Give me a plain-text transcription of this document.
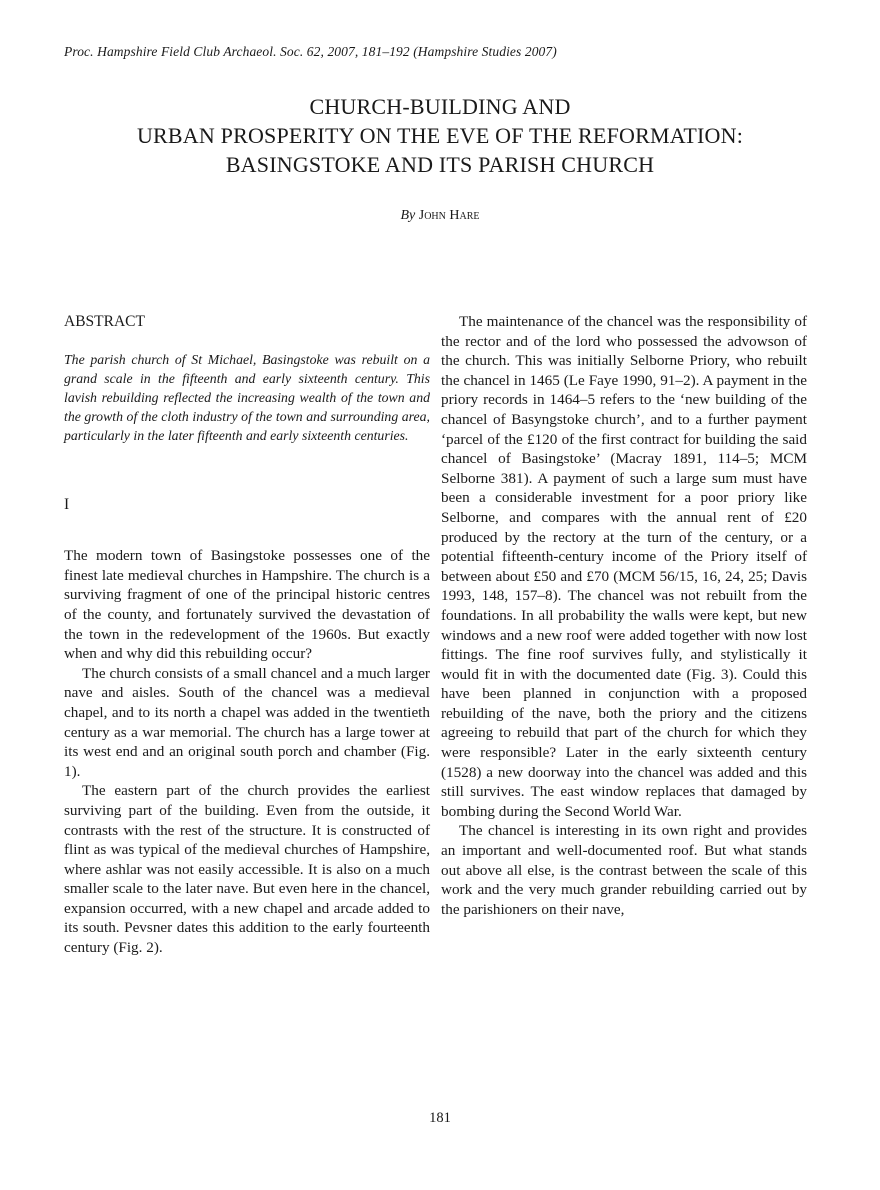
Proc. Hampshire Field Club Archaeol. Soc. 62, 2007, 181–192 (Hampshire Studies 2007)
CHURCH-BUILDING AND
URBAN PROSPERITY ON THE EVE OF THE REFORMATION:
BASINGSTOKE AND ITS PARISH CHURCH
By John Hare
ABSTRACT

The parish church of St Michael, Basingstoke was rebuilt on a grand scale in the fifteenth and early sixteenth century. This lavish rebuilding reflected the increasing wealth of the town and the growth of the cloth industry of the town and surrounding area, particularly in the later fifteenth and early sixteenth centuries.

I

The modern town of Basingstoke possesses one of the finest late medieval churches in Hampshire. The church is a surviving fragment of one of the principal historic centres of the county, and fortunately survived the devastation of the town in the redevelopment of the 1960s. But exactly when and why did this rebuilding occur?

The church consists of a small chancel and a much larger nave and aisles. South of the chancel was a medieval chapel, and to its north a chapel was added in the twentieth century as a war memorial. The church has a large tower at its west end and an original south porch and chamber (Fig. 1).

The eastern part of the church provides the earliest surviving part of the building. Even from the outside, it contrasts with the rest of the structure. It is constructed of flint as was typical of the medieval churches of Hampshire, where ashlar was not easily accessible. It is also on a much smaller scale to the later nave. But even here in the chancel, expansion occurred, with a new chapel and arcade added to its south. Pevsner dates this addition to the early fourteenth century (Fig. 2).

The maintenance of the chancel was the responsibility of the rector and of the lord who possessed the advowson of the church. This was initially Selborne Priory, who rebuilt the chancel in 1465 (Le Faye 1990, 91–2). A payment in the priory records in 1464–5 refers to the ‘new building of the chancel of Basyngstoke church’, and to a further payment ‘parcel of the £120 of the first contract for building the said chancel of Basingstoke’ (Macray 1891, 114–5; MCM Selborne 381). A payment of such a large sum must have been a considerable investment for a poor priory like Selborne, and compares with the annual rent of £20 produced by the rectory at the turn of the century, or a potential fifteenth-century income of the Priory itself of between about £50 and £70 (MCM 56/15, 16, 24, 25; Davis 1993, 148, 157–8). The chancel was not rebuilt from the foundations. In all probability the walls were kept, but new windows and a new roof were added together with now lost fittings. The fine roof survives fully, and stylistically it would fit in with the documented date (Fig. 3). Could this have been planned in conjunction with a proposed rebuilding of the nave, both the priory and the citizens agreeing to rebuild that part of the church for which they were responsible? Later in the early sixteenth century (1528) a new doorway into the chancel was added and this still survives. The east window replaces that damaged by bombing during the Second World War.

The chancel is interesting in its own right and provides an important and well-documented roof. But what stands out above all else, is the contrast between the scale of this work and the very much grander rebuilding carried out by the parishioners on their nave,

181
